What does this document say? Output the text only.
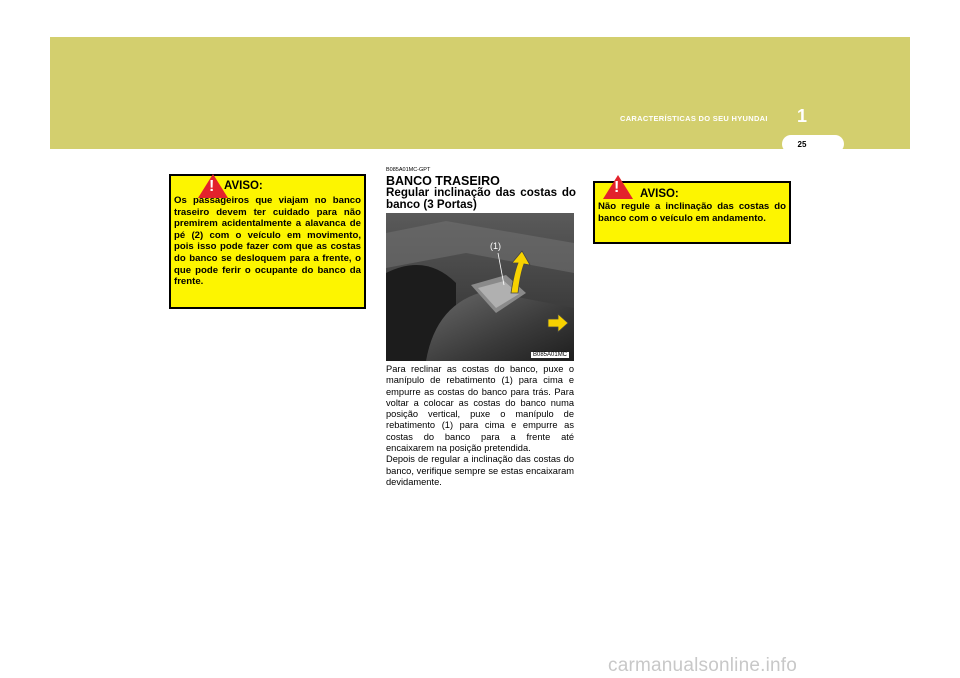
CARACTERÍSTICAS DO SEU HYUNDAI 1
25
! AVISO:
Os passageiros que viajam no banco traseiro devem ter cuidado para não premirem acidentalmente a alavanca de pé (2) com o veículo em movimento, pois isso pode fazer com que as costas do banco se desloquem para a frente, o que pode ferir o ocupante do banco da frente.
B085A01MC-GPT
BANCO TRASEIRO
Regular inclinação das costas do banco (3 Portas)
(1)
B085A01MC
Para reclinar as costas do banco, puxe o manípulo de rebatimento (1) para cima e empurre as costas do banco para trás. Para voltar a colocar as costas do banco numa posição vertical, puxe o manípulo de rebatimento (1) para cima e empurre as costas do banco para a frente até encaixarem na posição pretendida.
Depois de regular a inclinação das costas do banco, verifique sempre se estas encaixaram devidamente.
! AVISO:
Não regule a inclinação das costas do banco com o veículo em andamento.
carmanualsonline.info
